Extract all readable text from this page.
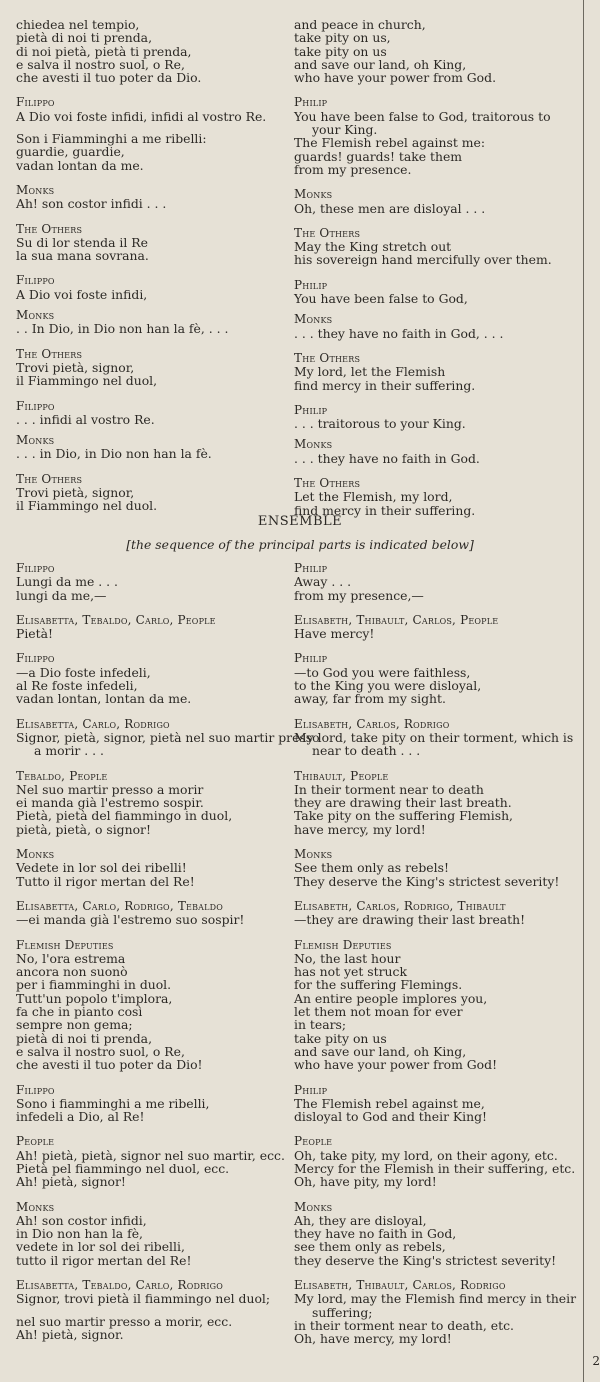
chiedea nel tempio,
pietà di noi ti prenda,
di noi pietà, pietà ti prenda,
e salva il nostro suol, o Re,
che avesti il tuo poter da Dio.
Filippo
A Dio voi foste infidi, infidi al vostro Re.
Son i Fiamminghi a me ribelli:
guardie, guardie,
vadan lontan da me.
Monks
Ah! son costor infidi . . .
The Others
Su di lor stenda il Re
la sua mana sovrana.
Filippo
A Dio voi foste infidi,
Monks
. . In Dio, in Dio non han la fè, . . .
The Others
Trovi pietà, signor,
il Fiammingo nel duol,
Filippo
. . . infidi al vostro Re.
Monks
. . . in Dio, in Dio non han la fè.
The Others
Trovi pietà, signor,
il Fiammingo nel duol.
and peace in church,
take pity on us,
take pity on us
and save our land, oh King,
who have your power from God.
Philip
You have been false to God, traitorous to
your King.
The Flemish rebel against me:
guards! guards! take them
from my presence.
Monks
Oh, these men are disloyal . . .
The Others
May the King stretch out
his sovereign hand mercifully over them.
Philip
You have been false to God,
Monks
. . . they have no faith in God, . . .
The Others
My lord, let the Flemish
find mercy in their suffering.
Philip
. . . traitorous to your King.
Monks
. . . they have no faith in God.
The Others
Let the Flemish, my lord,
find mercy in their suffering.
ENSEMBLE
[the sequence of the principal parts is indicated below]
Filippo
Lungi da me . . .
lungi da me,—
Elisabetta, Tebaldo, Carlo, People
Pietà!
Filippo
—a Dio foste infedeli,
al Re foste infedeli,
vadan lontan, lontan da me.
Elisabetta, Carlo, Rodrigo
Signor, pietà, signor, pietà nel suo martir presso
a morir . . .
Tebaldo, People
Nel suo martir presso a morir
ei manda già l'estremo sospir.
Pietà, pietà del fiammingo in duol,
pietà, pietà, o signor!
Monks
Vedete in lor sol dei ribelli!
Tutto il rigor mertan del Re!
Elisabetta, Carlo, Rodrigo, Tebaldo
—ei manda già l'estremo suo sospir!
Flemish Deputies
No, l'ora estrema
ancora non suonò
per i fiamminghi in duol.
Tutt'un popolo t'implora,
fa che in pianto così
sempre non gema;
pietà di noi ti prenda,
e salva il nostro suol, o Re,
che avesti il tuo poter da Dio!
Filippo
Sono i fiamminghi a me ribelli,
infedeli a Dio, al Re!
People
Ah! pietà, pietà, signor nel suo martir, ecc.
Pietà pel fiammingo nel duol, ecc.
Ah! pietà, signor!
Monks
Ah! son costor infidi,
in Dio non han la fè,
vedete in lor sol dei ribelli,
tutto il rigor mertan del Re!
Elisabetta, Tebaldo, Carlo, Rodrigo
Signor, trovi pietà il fiammingo nel duol;
nel suo martir presso a morir, ecc.
Ah! pietà, signor.
Philip
Away . . .
from my presence,—
Elisabeth, Thibault, Carlos, People
Have mercy!
Philip
—to God you were faithless,
to the King you were disloyal,
away, far from my sight.
Elisabeth, Carlos, Rodrigo
My lord, take pity on their torment, which is
near to death . . .
Thibault, People
In their torment near to death
they are drawing their last breath.
Take pity on the suffering Flemish,
have mercy, my lord!
Monks
See them only as rebels!
They deserve the King's strictest severity!
Elisabeth, Carlos, Rodrigo, Thibault
—they are drawing their last breath!
Flemish Deputies
No, the last hour
has not yet struck
for the suffering Flemings.
An entire people implores you,
let them not moan for ever
in tears;
take pity on us
and save our land, oh King,
who have your power from God!
Philip
The Flemish rebel against me,
disloyal to God and their King!
People
Oh, take pity, my lord, on their agony, etc.
Mercy for the Flemish in their suffering, etc.
Oh, have pity, my lord!
Monks
Ah, they are disloyal,
they have no faith in God,
see them only as rebels,
they deserve the King's strictest severity!
Elisabeth, Thibault, Carlos, Rodrigo
My lord, may the Flemish find mercy in their
suffering;
in their torment near to death, etc.
Oh, have mercy, my lord!
2
